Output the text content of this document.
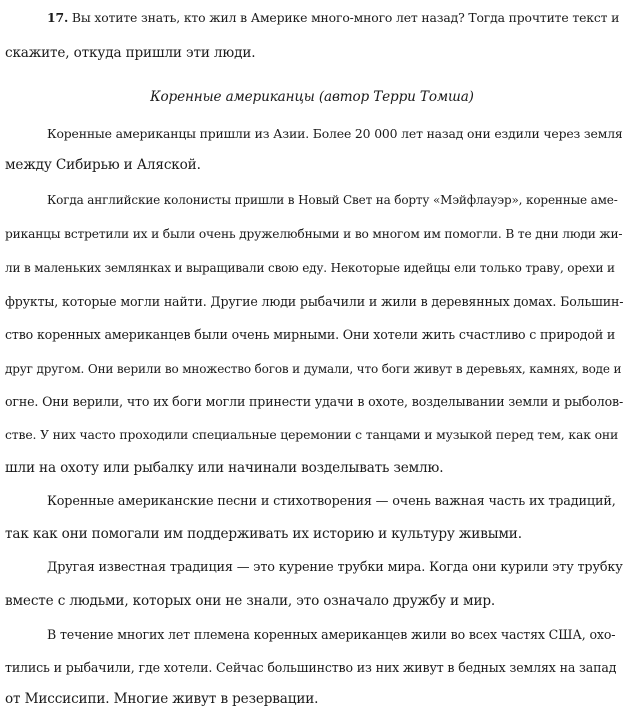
17. Вы хотите знать, кто жил в Америке много-много лет назад? Тогда прочтите текст и
скажите, откуда пришли эти люди.
Коренные американцы (автор Терри Томша)
Коренные американцы пришли из Азии. Более 20 000 лет назад они ездили через земля
между Сибирью и Аляской.
Когда английские колонисты пришли в Новый Свет на борту «Мэйфлауэр», коренные аме-
риканцы встретили их и были очень дружелюбными и во многом им помогли. В те дни люди жи-
ли в маленьких землянках и выращивали свою еду. Некоторые идейцы ели только траву, орехи и
фрукты, которые могли найти. Другие люди рыбачили и жили в деревянных домах. Большин-
ство коренных американцев были очень мирными. Они хотели жить счастливо с природой и
друг другом. Они верили во множество богов и думали, что боги живут в деревьях, камнях, воде и
огне. Они верили, что их боги могли принести удачи в охоте, возделывании земли и рыболов-
стве. У них часто проходили специальные церемонии с танцами и музыкой перед тем, как они
шли на охоту или рыбалку или начинали возделывать землю.
Коренные американские песни и стихотворения — очень важная часть их традиций,
так как они помогали им поддерживать их историю и культуру живыми.
Другая известная традиция — это курение трубки мира. Когда они курили эту трубку
вместе с людьми, которых они не знали, это означало дружбу и мир.
В течение многих лет племена коренных американцев жили во всех частях США, охо-
тились и рыбачили, где хотели. Сейчас большинство из них живут в бедных землях на запад
от Миссисипи. Многие живут в резервации.
